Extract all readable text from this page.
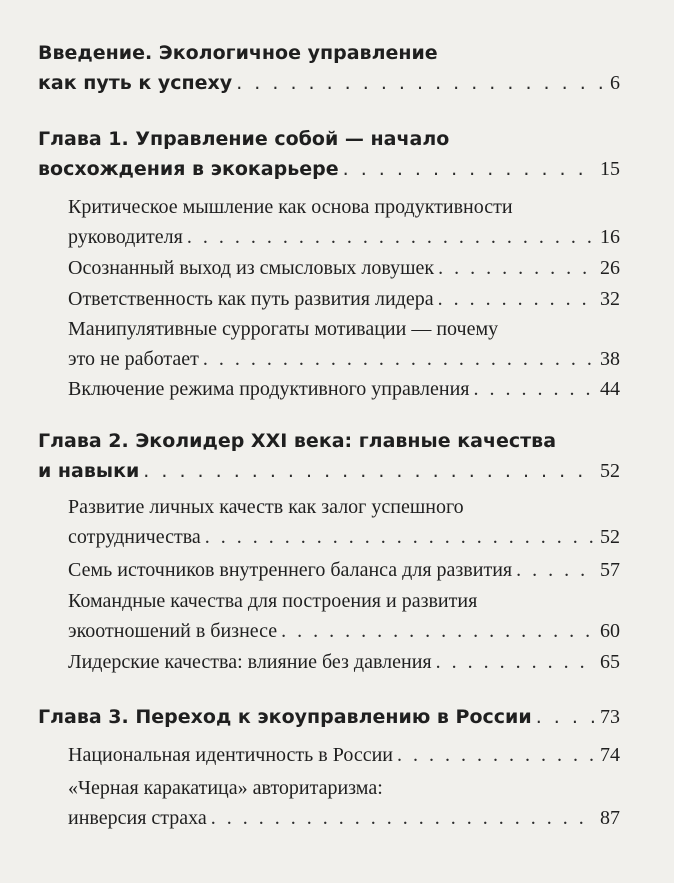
Введение. Экологичное управление
как путь к успеху . . .	6
Глава 1. Управление собой — начало
восхождения в экокарьере . . .	15
Критическое мышление как основа продуктивности
руководителя . . .	16
Осознанный выход из смысловых ловушек . . .	26
Ответственность как путь развития лидера . . .	32
Манипулятивные суррогаты мотивации — почему
это не работает . . .	38
Включение режима продуктивного управления . . .	44
Глава 2. Эколидер XXI века: главные качества
и навыки . . .	52
Развитие личных качеств как залог успешного
сотрудничества . . .	52
Семь источников внутреннего баланса для развития . . .	57
Командные качества для построения и развития
экоотношений в бизнесе . . .	60
Лидерские качества: влияние без давления . . .	65
Глава 3. Переход к экоуправлению в России . . .	73
Национальная идентичность в России . . .	74
«Черная каракатица» авторитаризма:
инверсия страха . . .	87
